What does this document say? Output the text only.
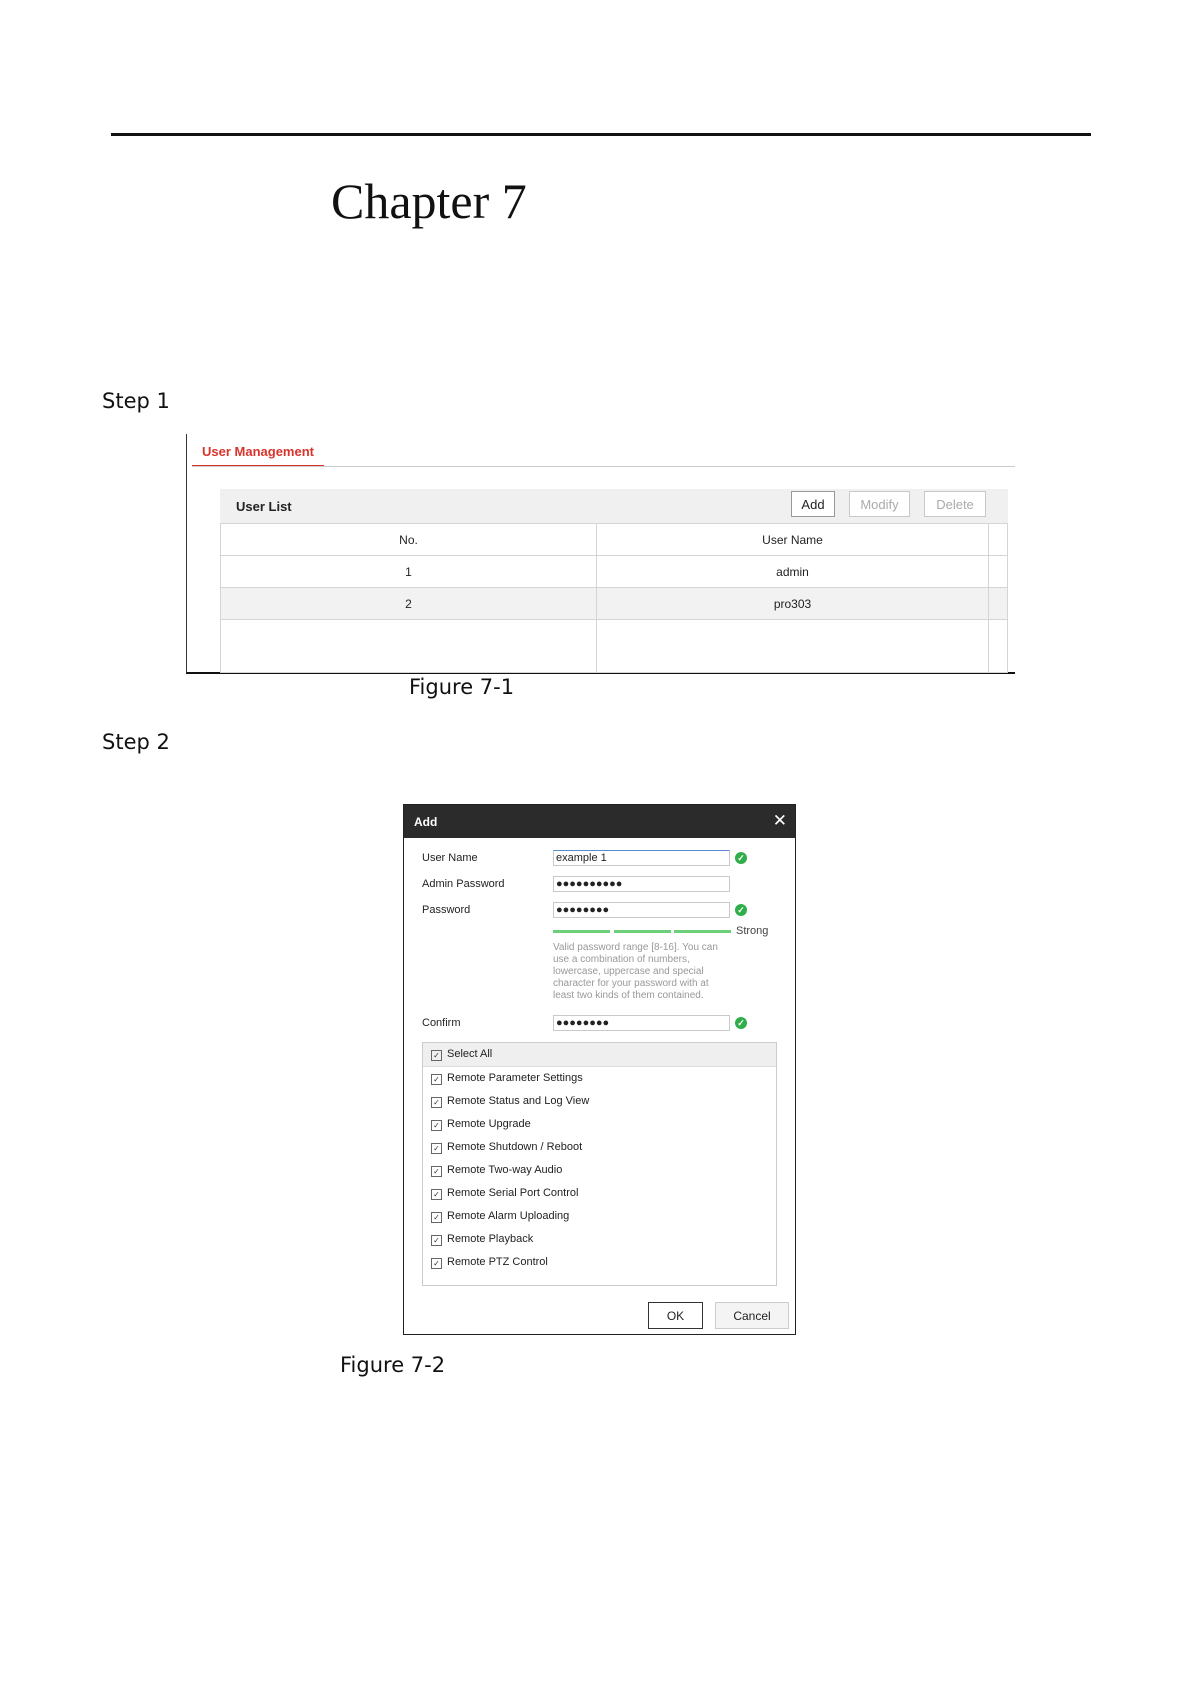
Chapter 7
Step 1
User Management
User List	Add	Modify	Delete
No.	User Name	
1	admin	
2	pro303	

Figure 7-1
Step 2
Add	✕
User Name	example 1	✓
Admin Password	●●●●●●●●●●
Password	●●●●●●●●	✓
Strong
Valid password range [8-16]. You can use a combination of numbers, lowercase, uppercase and special character for your password with at least two kinds of them contained.
Confirm	●●●●●●●●	✓
✓ Select All
✓ Remote Parameter Settings
✓ Remote Status and Log View
✓ Remote Upgrade
✓ Remote Shutdown / Reboot
✓ Remote Two-way Audio
✓ Remote Serial Port Control
✓ Remote Alarm Uploading
✓ Remote Playback
✓ Remote PTZ Control
OK	Cancel
Figure 7-2
